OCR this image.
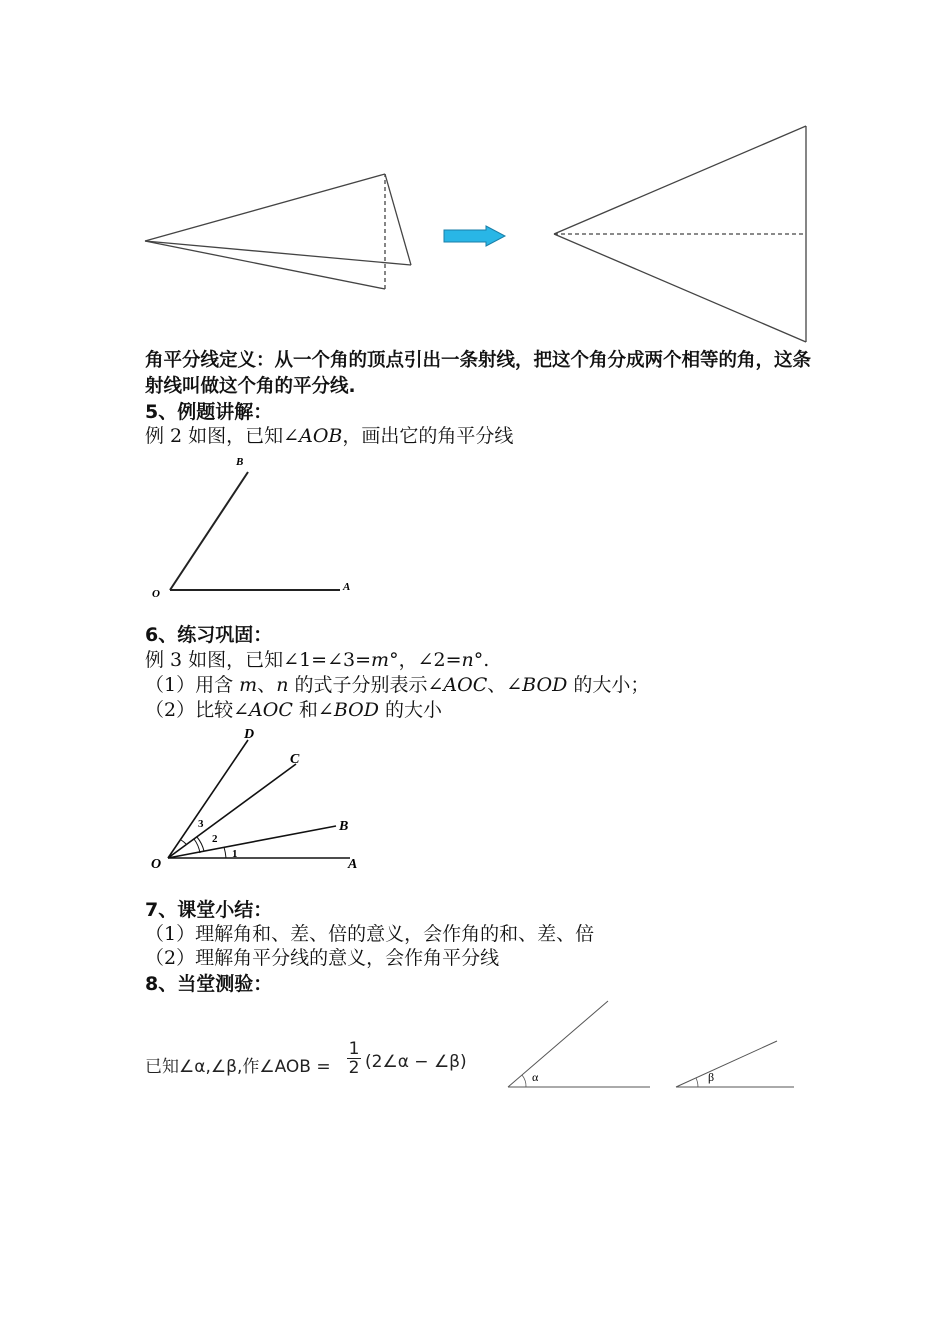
角平分线定义：从一个角的顶点引出一条射线，把这个角分成两个相等的角，这条射线叫做这个角的平分线.
5、例题讲解：
例 2 如图，已知∠AOB，画出它的角平分线
B
O
A
6、练习巩固：
例 3 如图，已知∠1=∠3=m°，∠2=n°.
（1）用含 m、n 的式子分别表示∠AOC、∠BOD 的大小；
（2）比较∠AOC 和∠BOD 的大小
D
C
B
A
O
1
2
3
7、课堂小结：
（1）理解角和、差、倍的意义，会作角的和、差、倍
（2）理解角平分线的意义，会作角平分线
8、当堂测验：
已知∠α,∠β,作∠AOB = $\frac{1}{2}$ (2∠α − ∠β)
α	β
